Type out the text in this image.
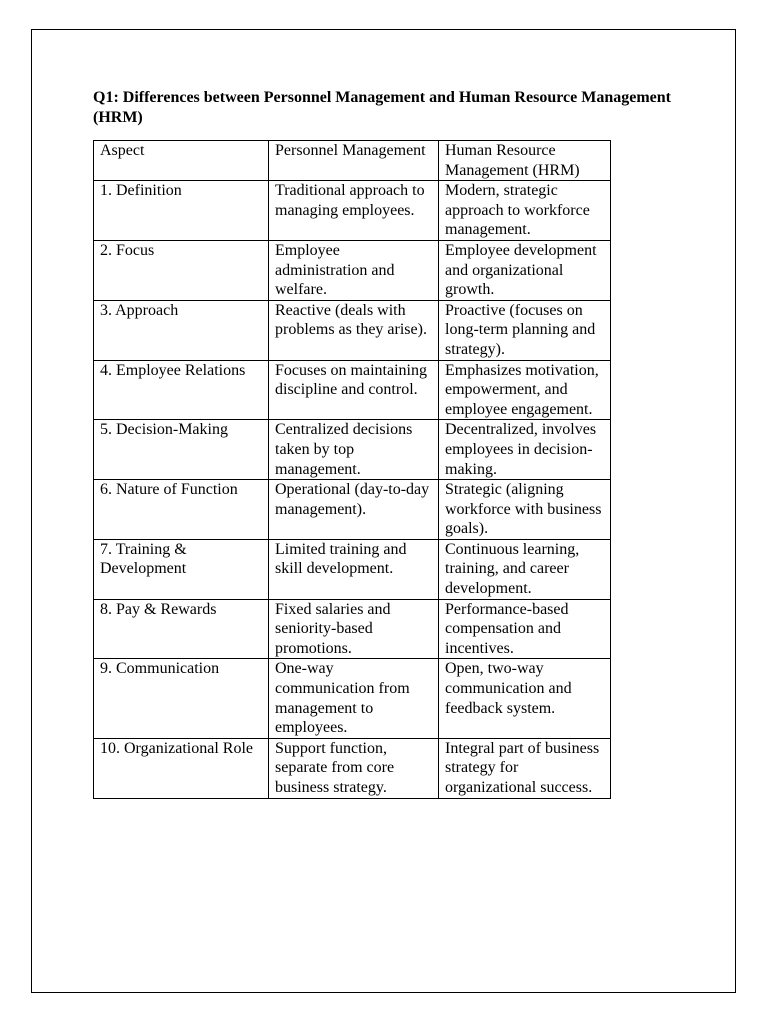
Q1: Differences between Personnel Management and Human Resource Management (HRM)
Aspect	Personnel Management	Human Resource Management (HRM)
1. Definition	Traditional approach to managing employees.	Modern, strategic approach to workforce management.
2. Focus	Employee administration and welfare.	Employee development and organizational growth.
3. Approach	Reactive (deals with problems as they arise).	Proactive (focuses on long-term planning and strategy).
4. Employee Relations	Focuses on maintaining discipline and control.	Emphasizes motivation, empowerment, and employee engagement.
5. Decision-Making	Centralized decisions taken by top management.	Decentralized, involves employees in decision-making.
6. Nature of Function	Operational (day-to-day management).	Strategic (aligning workforce with business goals).
7. Training & Development	Limited training and skill development.	Continuous learning, training, and career development.
8. Pay & Rewards	Fixed salaries and seniority-based promotions.	Performance-based compensation and incentives.
9. Communication	One-way communication from management to employees.	Open, two-way communication and feedback system.
10. Organizational Role	Support function, separate from core business strategy.	Integral part of business strategy for organizational success.
